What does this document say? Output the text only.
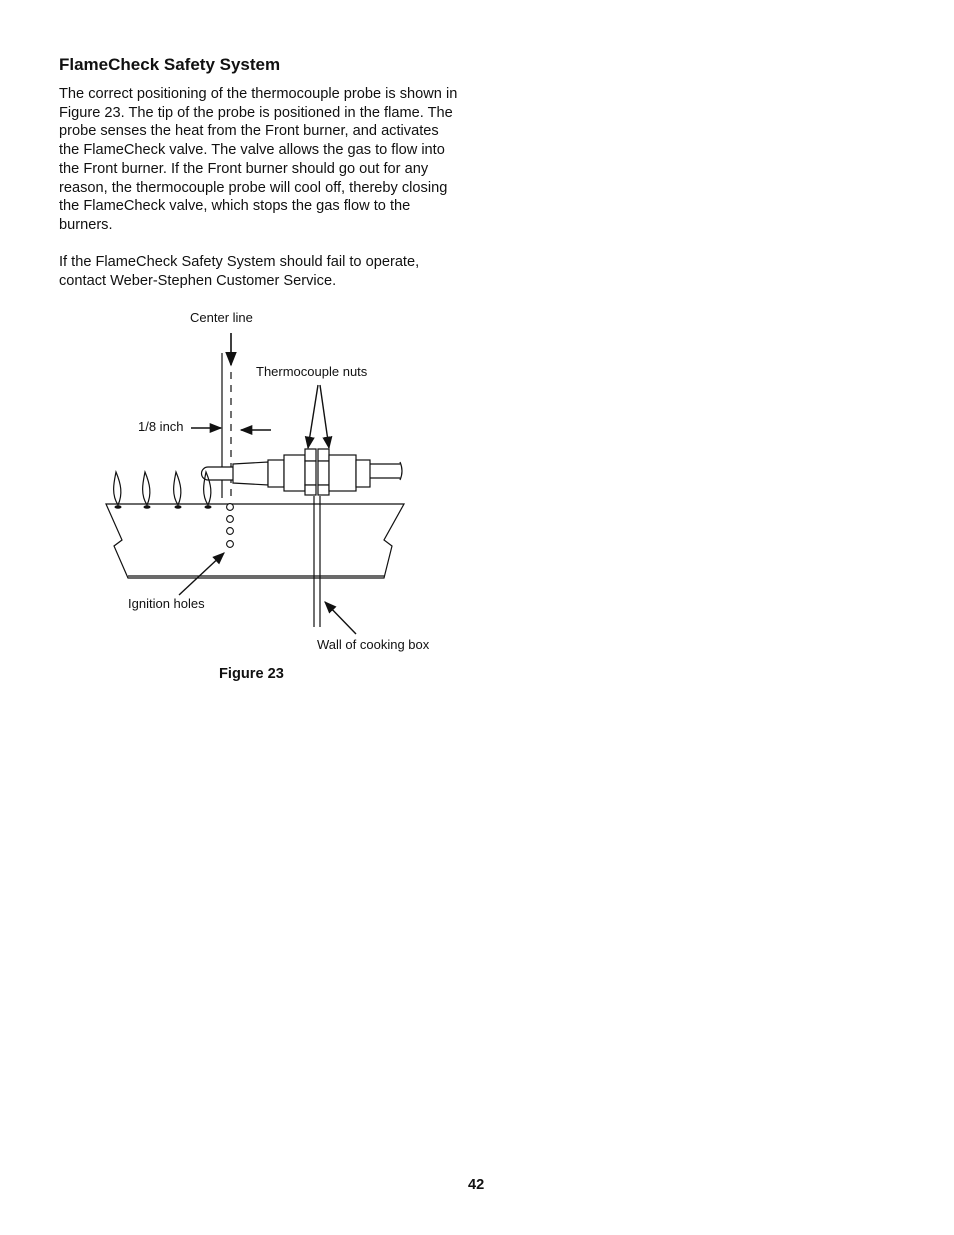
FlameCheck Safety System

The correct positioning of the thermocouple probe is shown in Figure 23. The tip of the probe is positioned in the flame. The probe senses the heat from the Front burner, and activates the FlameCheck valve. The valve allows the gas to flow into the Front burner. If the Front burner should go out for any reason, the thermocouple probe will cool off, thereby closing the FlameCheck valve, which stops the gas flow to the burners.

If the FlameCheck Safety System should fail to operate, contact Weber-Stephen Customer Service.

Center line
Thermocouple nuts
1/8 inch
Ignition holes
Wall of cooking box

Figure 23

42
